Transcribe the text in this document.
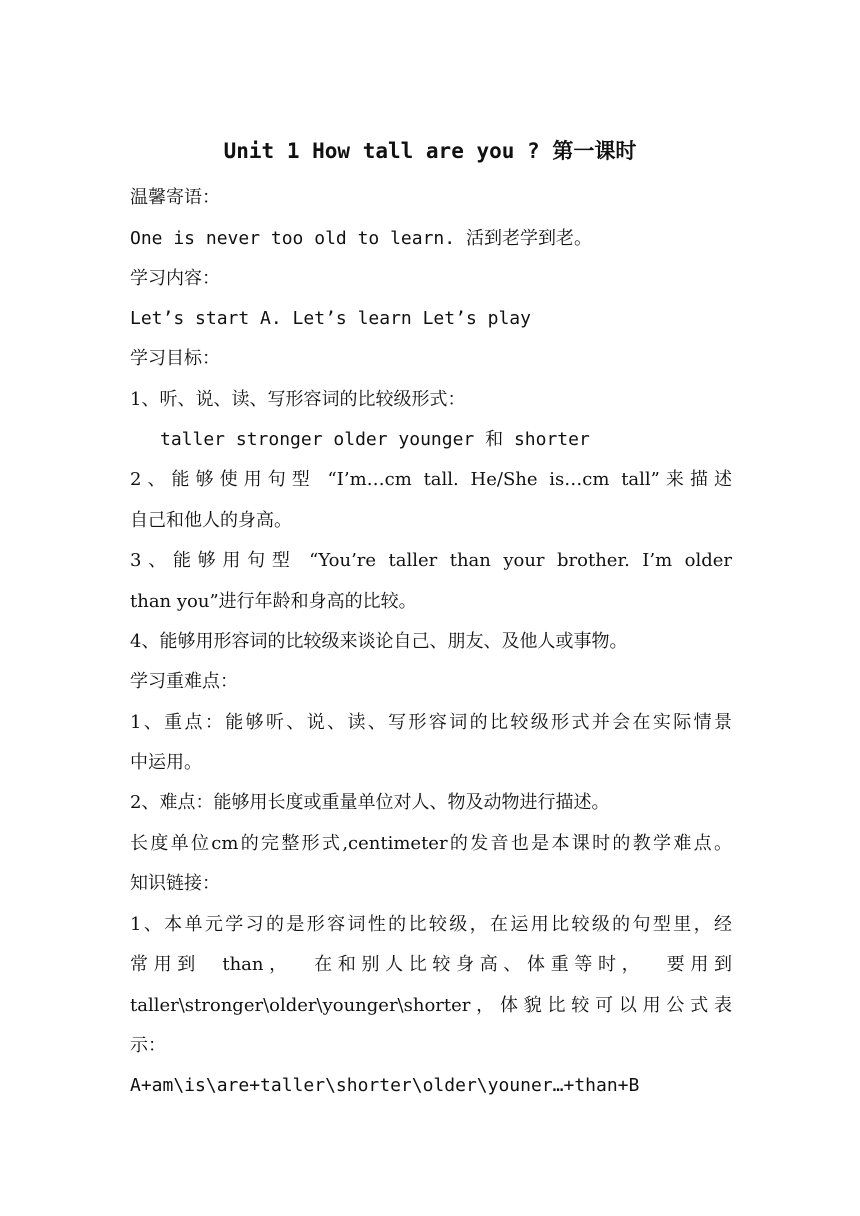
Unit 1 How tall are you ? 第一课时
温馨寄语：
One is never too old to learn. 活到老学到老。
学习内容：
Let’s start A. Let’s learn Let’s play
学习目标：
1、听、说、读、写形容词的比较级形式：
taller stronger older younger 和 shorter
2、能够使用句型 “I’m…cm tall. He/She is…cm tall”来描述
自己和他人的身高。
3、能够用句型 “You’re taller than your brother. I’m older
than you”进行年龄和身高的比较。
4、能够用形容词的比较级来谈论自己、朋友、及他人或事物。
学习重难点：
1、重点：能够听、说、读、写形容词的比较级形式并会在实际情景
中运用。
2、难点：能够用长度或重量单位对人、物及动物进行描述。
长度单位cm的完整形式,centimeter的发音也是本课时的教学难点。
知识链接：
1、本单元学习的是形容词性的比较级，在运用比较级的句型里，经
常用到 than， 在和别人比较身高、体重等时， 要用到
taller\stronger\older\younger\shorter，体貌比较可以用公式表
示：
A+am\is\are+taller\shorter\older\youner…+than+B
